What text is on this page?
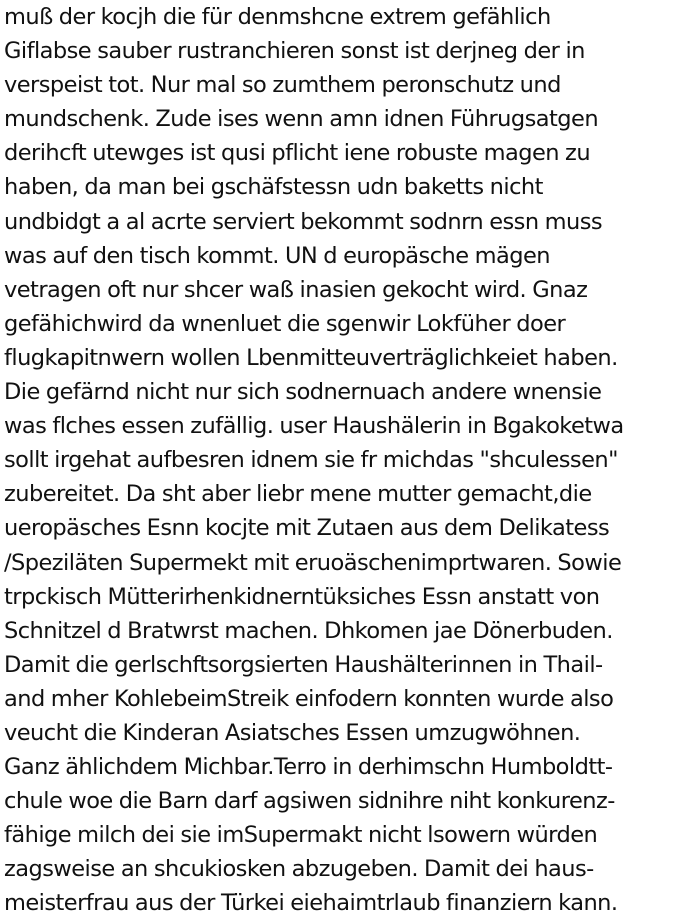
muß der kocjh die für denmshcne extrem gefählich
Giflabse sauber rustranchieren sonst ist derjneg der in
verspeist tot. Nur mal so zumthem peronschutz und
mundschenk. Zude ises wenn amn idnen Führugsatgen
derihcft utewges ist qusi pflicht iene robuste magen zu
haben, da man bei gschäfstessn udn baketts nicht
undbidgt a al acrte serviert bekommt sodnrn essn muss
was auf den tisch kommt. UN d europäsche mägen
vetragen oft nur shcer waß inasien gekocht wird. Gnaz
gefähichwird da wnenluet die sgenwir Lokfüher doer
flugkapitnwern wollen Lbenmitteuverträglichkeiet haben.
Die gefärnd nicht nur sich sodnernuach andere wnensie
was flches essen zufällig. user Haushälerin in Bgakoketwa
sollt irgehat aufbesren idnem sie fr michdas "shculessen"
zubereitet. Da sht aber liebr mene mutter gemacht,die
ueropäsches Esnn kocjte mit Zutaen aus dem Delikatess
/Speziläten Supermekt mit eruoäschenimprtwaren. Sowie
trpckisch Mütterirhenkidnerntüksiches Essn anstatt von
Schnitzel d Bratwrst machen. Dhkomen jae Dönerbuden.
Damit die gerlschftsorgsierten Haushälterinnen in Thail-
and mher KohlebeimStreik einfodern konnten wurde also
veucht die Kinderan Asiatsches Essen umzugwöhnen.
Ganz ählichdem Michbar.Terro in derhimschn Humboldtt-
chule woe die Barn darf agsiwen sidnihre niht konkurenz-
fähige milch dei sie imSupermakt nicht lsowern würden
zagsweise an shcukiosken abzugeben. Damit dei haus-
meisterfrau aus der Türkei eiehaimtrlaub finanziern kann.
